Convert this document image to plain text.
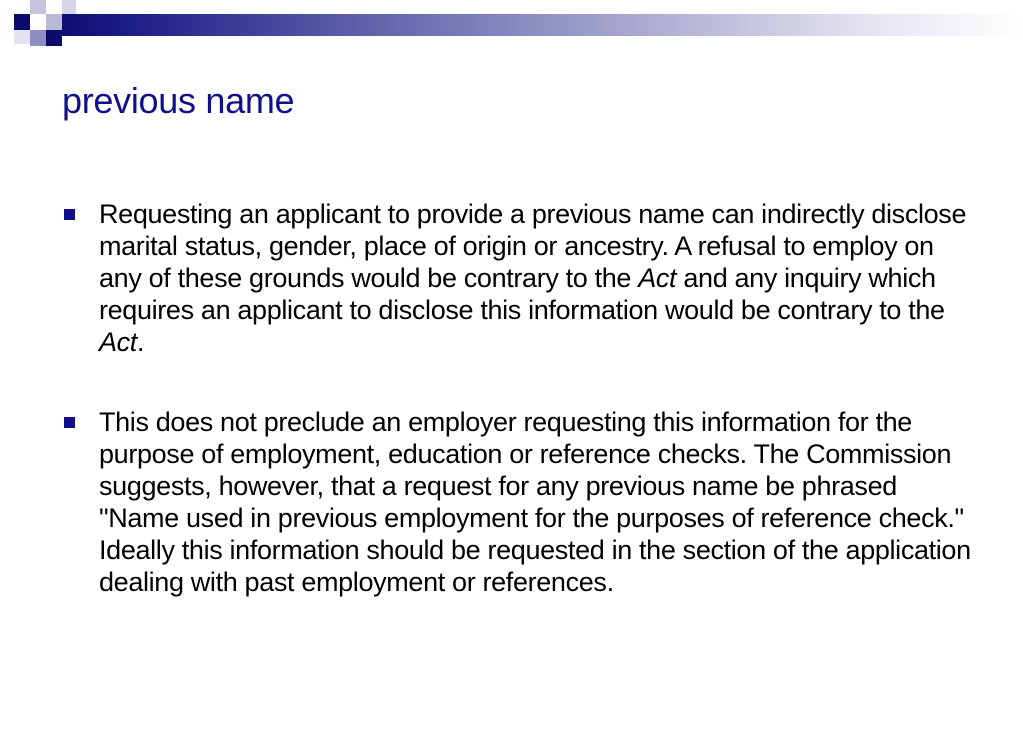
previous name
Requesting an applicant to provide a previous name can indirectly disclose marital status, gender, place of origin or ancestry. A refusal to employ on any of these grounds would be contrary to the Act and any inquiry which requires an applicant to disclose this information would be contrary to the Act.
This does not preclude an employer requesting this information for the purpose of employment, education or reference checks. The Commission suggests, however, that a request for any previous name be phrased "Name used in previous employment for the purposes of reference check." Ideally this information should be requested in the section of the application dealing with past employment or references.
